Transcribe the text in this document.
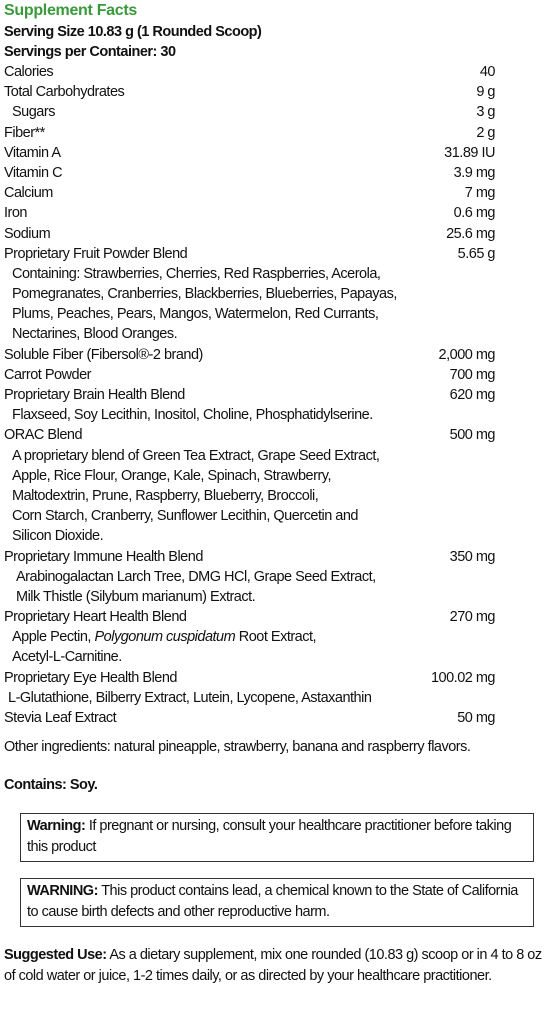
Supplement Facts
Serving Size 10.83 g (1 Rounded Scoop)
Servings per Container: 30
Calories	40
Total Carbohydrates	9 g
Sugars	3 g
Fiber**	2 g
Vitamin A	31.89 IU
Vitamin C	3.9 mg
Calcium	7 mg
Iron	0.6 mg
Sodium	25.6 mg
Proprietary Fruit Powder Blend	5.65 g
Containing: Strawberries, Cherries, Red Raspberries, Acerola,
Pomegranates, Cranberries, Blackberries, Blueberries, Papayas,
Plums, Peaches, Pears, Mangos, Watermelon, Red Currants,
Nectarines, Blood Oranges.
Soluble Fiber (Fibersol®-2 brand)	2,000 mg
Carrot Powder	700 mg
Proprietary Brain Health Blend	620 mg
Flaxseed, Soy Lecithin, Inositol, Choline, Phosphatidylserine.
ORAC Blend	500 mg
A proprietary blend of Green Tea Extract, Grape Seed Extract,
Apple, Rice Flour, Orange, Kale, Spinach, Strawberry,
Maltodextrin, Prune, Raspberry, Blueberry, Broccoli,
Corn Starch, Cranberry, Sunflower Lecithin, Quercetin and
Silicon Dioxide.
Proprietary Immune Health Blend	350 mg
Arabinogalactan Larch Tree, DMG HCl, Grape Seed Extract,
Milk Thistle (Silybum marianum) Extract.
Proprietary Heart Health Blend	270 mg
Apple Pectin, Polygonum cuspidatum Root Extract,
Acetyl-L-Carnitine.
Proprietary Eye Health Blend	100.02 mg
L-Glutathione, Bilberry Extract, Lutein, Lycopene, Astaxanthin
Stevia Leaf Extract	50 mg
Other ingredients: natural pineapple, strawberry, banana and raspberry flavors.
Contains: Soy.
Warning: If pregnant or nursing, consult your healthcare practitioner before taking this product
WARNING: This product contains lead, a chemical known to the State of California to cause birth defects and other reproductive harm.
Suggested Use: As a dietary supplement, mix one rounded (10.83 g) scoop or in 4 to 8 oz of cold water or juice, 1-2 times daily, or as directed by your healthcare practitioner.
